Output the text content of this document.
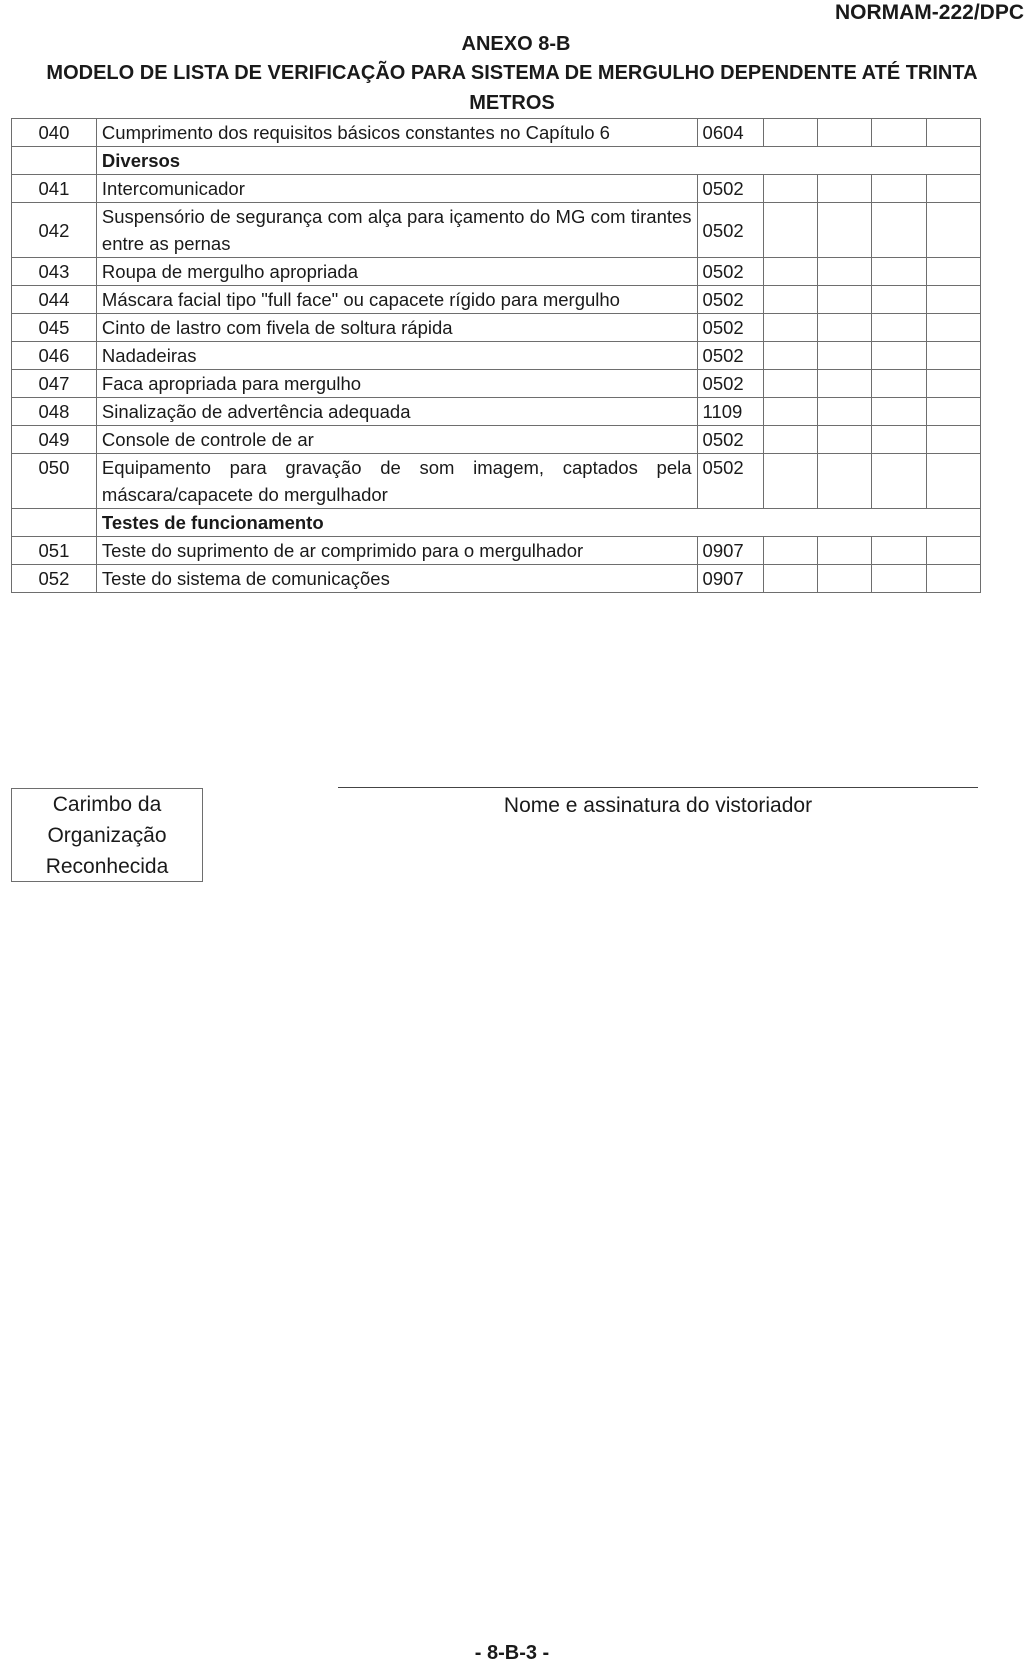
NORMAM-222/DPC
ANEXO 8-B
MODELO DE LISTA DE VERIFICAÇÃO PARA SISTEMA DE MERGULHO DEPENDENTE ATÉ TRINTA METROS
040	Cumprimento dos requisitos básicos constantes no Capítulo 6	0604				
	Diversos					
041	Intercomunicador	0502				
042	Suspensório de segurança com alça para içamento do MG com tirantes entre as pernas	0502				
043	Roupa de mergulho apropriada	0502				
044	Máscara facial tipo "full face" ou capacete rígido para mergulho	0502				
045	Cinto de lastro com fivela de soltura rápida	0502				
046	Nadadeiras	0502				
047	Faca apropriada para mergulho	0502				
048	Sinalização de advertência adequada	1109				
049	Console de controle de ar	0502				
050	Equipamento para gravação de som imagem, captados pela máscara/capacete do mergulhador	0502				
	Testes de funcionamento					
051	Teste do suprimento de ar comprimido para o mergulhador	0907				
052	Teste do sistema de comunicações	0907				
Carimbo da
Organização
Reconhecida
Nome e assinatura do vistoriador
- 8-B-3 -
